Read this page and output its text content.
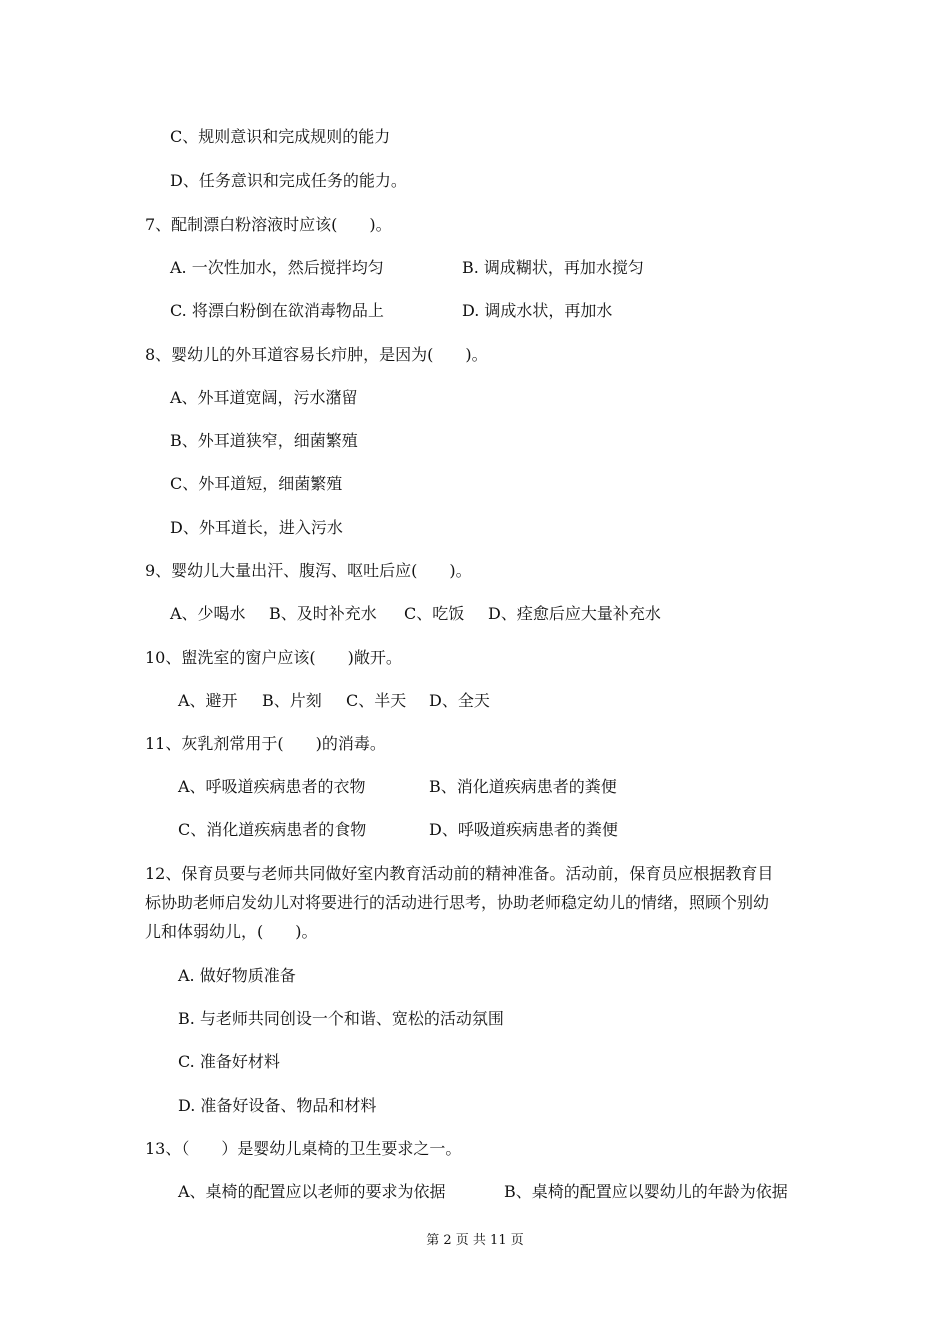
C、规则意识和完成规则的能力
D、任务意识和完成任务的能力。
7、配制漂白粉溶液时应该(　　)。
A. 一次性加水，然后搅拌均匀	B. 调成糊状，再加水搅匀
C. 将漂白粉倒在欲消毒物品上	D. 调成水状，再加水
8、婴幼儿的外耳道容易长疖肿，是因为(　　)。
A、外耳道宽阔，污水潴留
B、外耳道狭窄，细菌繁殖
C、外耳道短，细菌繁殖
D、外耳道长，进入污水
9、婴幼儿大量出汗、腹泻、呕吐后应(　　)。
A、少喝水 B、及时补充水 C、吃饭 D、痊愈后应大量补充水
10、盥洗室的窗户应该(　　)敞开。
A、避开 B、片刻 C、半天 D、全天
11、灰乳剂常用于(　　)的消毒。
A、呼吸道疾病患者的衣物	B、消化道疾病患者的粪便
C、消化道疾病患者的食物	D、呼吸道疾病患者的粪便
12、保育员要与老师共同做好室内教育活动前的精神准备。活动前，保育员应根据教育目
标协助老师启发幼儿对将要进行的活动进行思考，协助老师稳定幼儿的情绪，照顾个别幼
儿和体弱幼儿，(　　)。
A. 做好物质准备
B. 与老师共同创设一个和谐、宽松的活动氛围
C. 准备好材料
D. 准备好设备、物品和材料
13、（　　）是婴幼儿桌椅的卫生要求之一。
A、桌椅的配置应以老师的要求为依据	B、桌椅的配置应以婴幼儿的年龄为依据
第 2 页 共 11 页
